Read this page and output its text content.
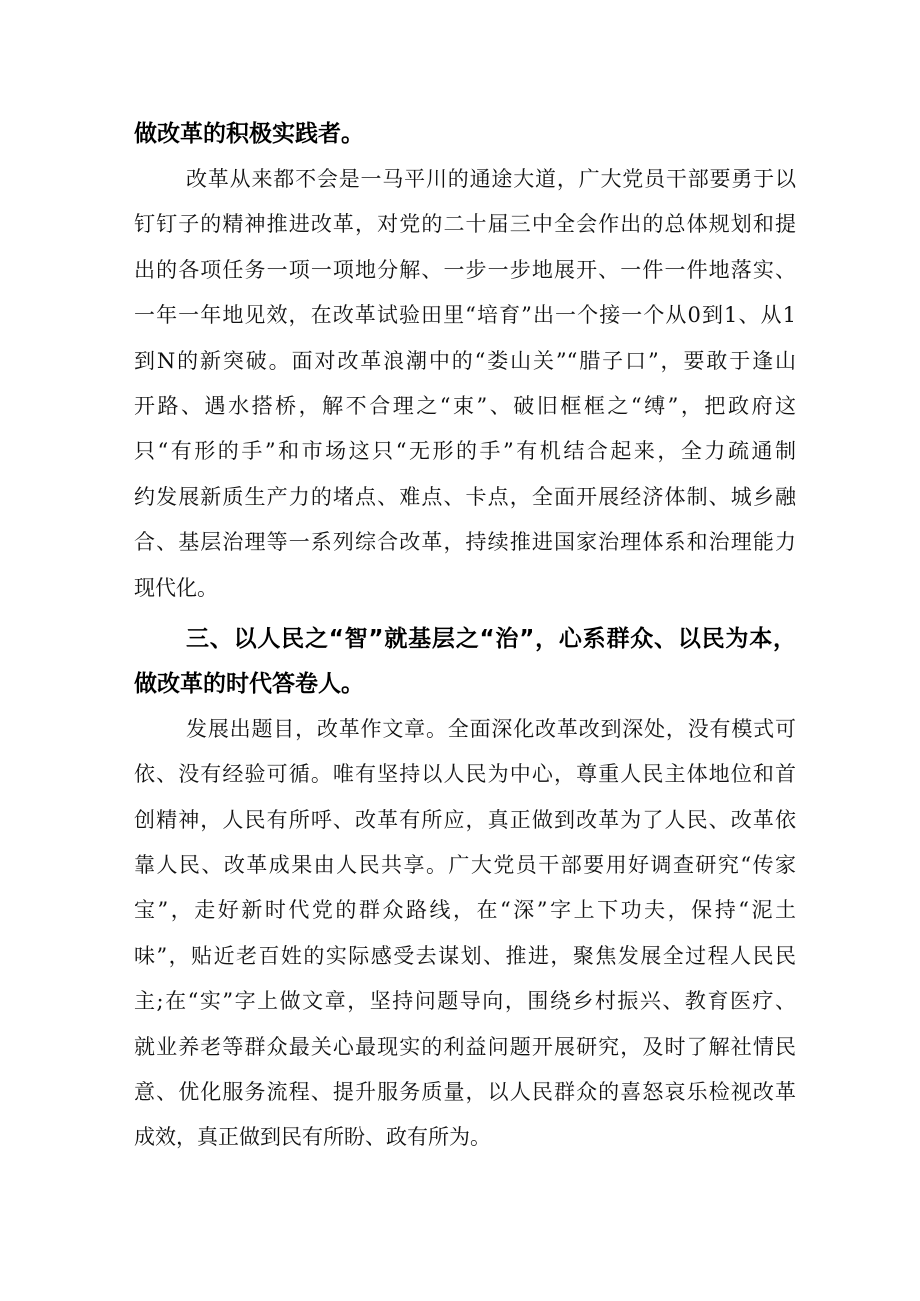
做改革的积极实践者。
改革从来都不会是一马平川的通途大道，广大党员干部要勇于以
钉钉子的精神推进改革，对党的二十届三中全会作出的总体规划和提
出的各项任务一项一项地分解、一步一步地展开、一件一件地落实、
一年一年地见效，在改革试验田里“培育”出一个接一个从0到1、从1
到N的新突破。面对改革浪潮中的“娄山关”“腊子口”，要敢于逢山
开路、遇水搭桥，解不合理之“束”、破旧框框之“缚”，把政府这
只“有形的手”和市场这只“无形的手”有机结合起来，全力疏通制
约发展新质生产力的堵点、难点、卡点，全面开展经济体制、城乡融
合、基层治理等一系列综合改革，持续推进国家治理体系和治理能力
现代化。
三、以人民之“智”就基层之“治”，心系群众、以民为本，
做改革的时代答卷人。
发展出题目，改革作文章。全面深化改革改到深处，没有模式可
依、没有经验可循。唯有坚持以人民为中心，尊重人民主体地位和首
创精神，人民有所呼、改革有所应，真正做到改革为了人民、改革依
靠人民、改革成果由人民共享。广大党员干部要用好调查研究“传家
宝”，走好新时代党的群众路线，在“深”字上下功夫，保持“泥土
味”，贴近老百姓的实际感受去谋划、推进，聚焦发展全过程人民民
主;在“实”字上做文章，坚持问题导向，围绕乡村振兴、教育医疗、
就业养老等群众最关心最现实的利益问题开展研究，及时了解社情民
意、优化服务流程、提升服务质量，以人民群众的喜怒哀乐检视改革
成效，真正做到民有所盼、政有所为。
